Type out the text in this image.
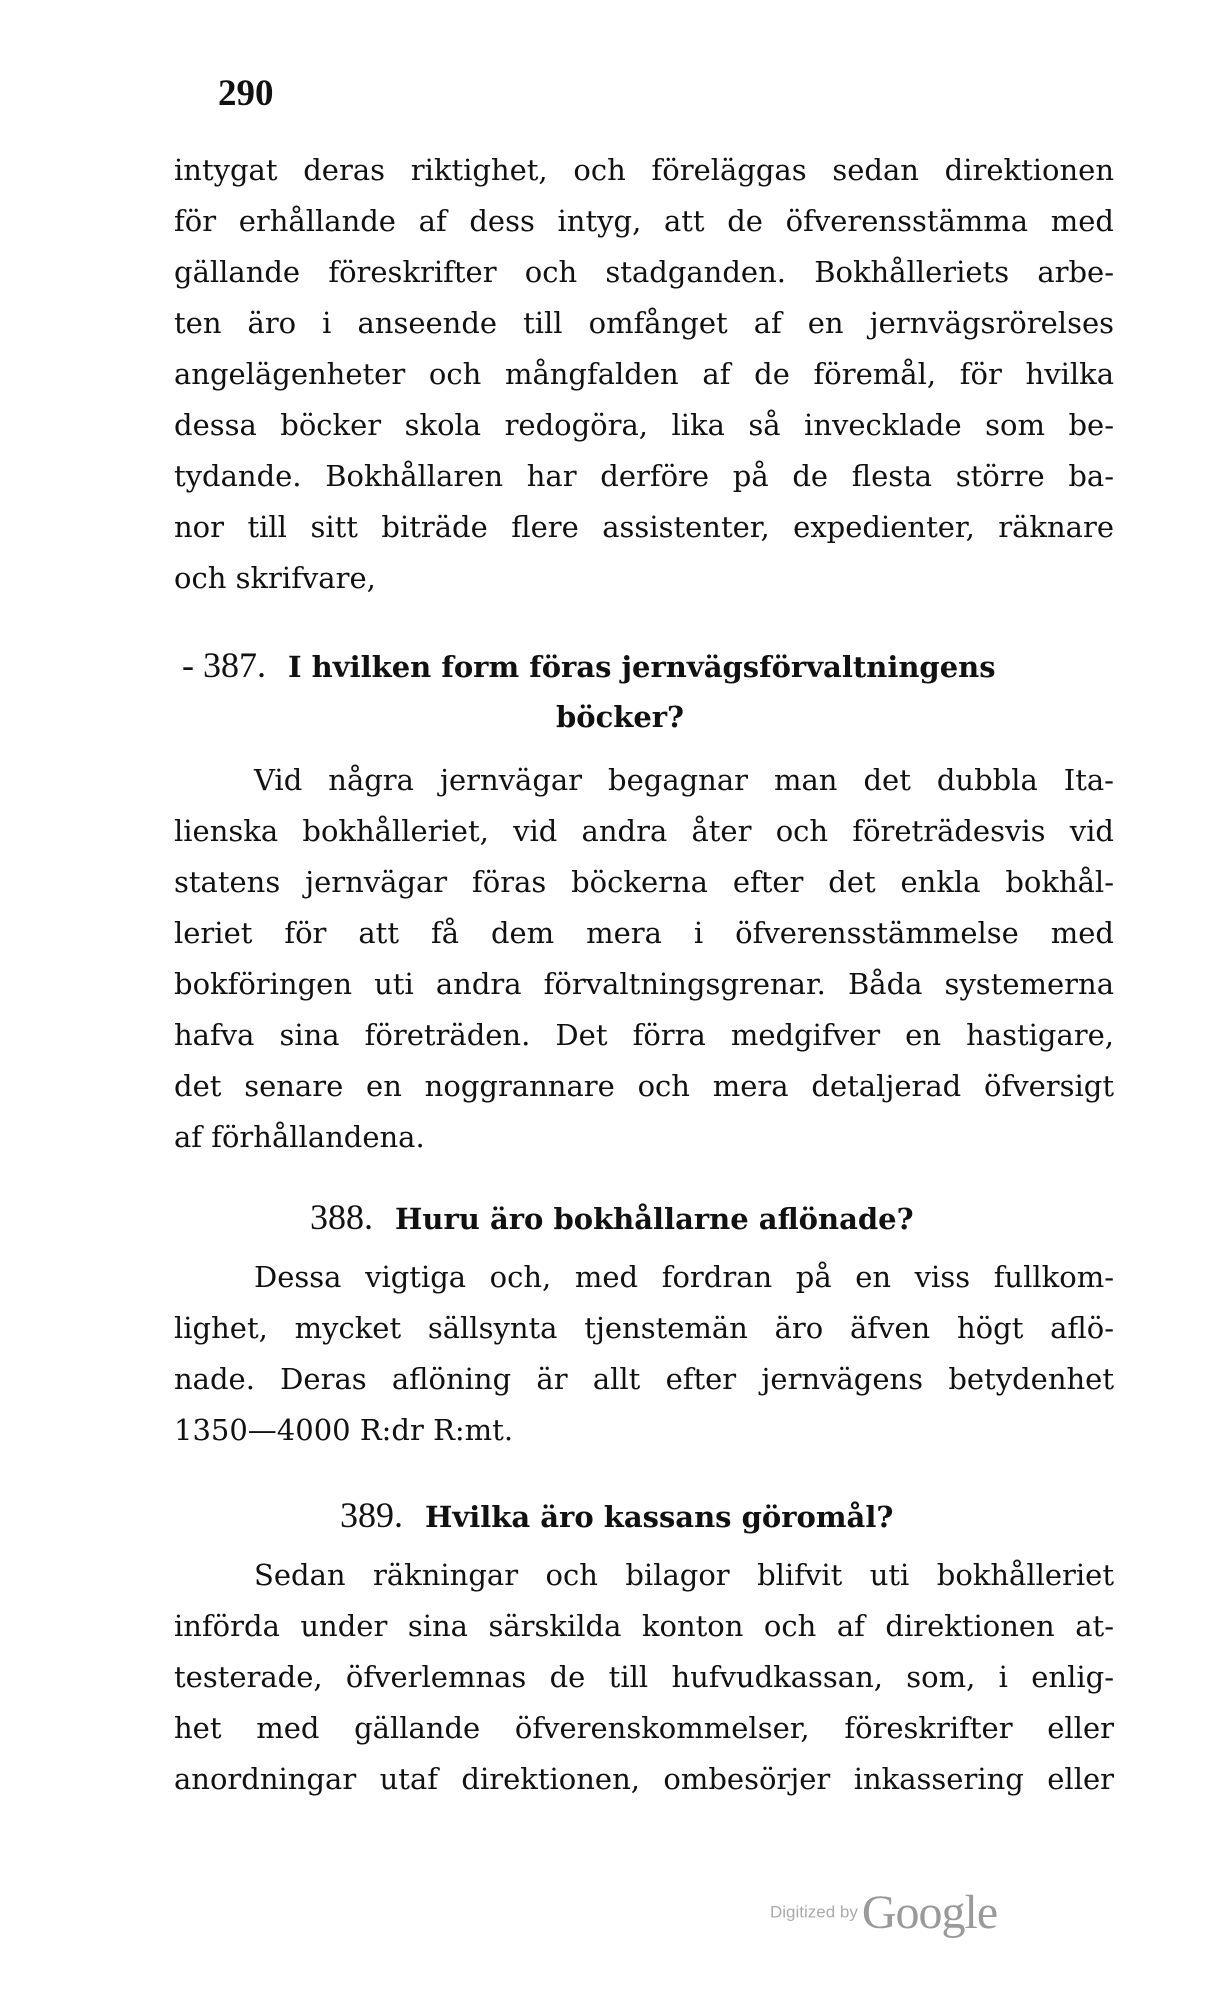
290
intygat deras riktighet, och föreläggas sedan direktionen
för erhållande af dess intyg, att de öfverensstämma med
gällande föreskrifter och stadganden. Bokhålleriets arbe-
ten äro i anseende till omfånget af en jernvägsrörelses
angelägenheter och mångfalden af de föremål, för hvilka
dessa böcker skola redogöra, lika så invecklade som be-
tydande. Bokhållaren har derföre på de flesta större ba-
nor till sitt biträde flere assistenter, expedienter, räknare
och skrifvare,
- 387. I hvilken form föras jernvägsförvaltningens
böcker?
Vid några jernvägar begagnar man det dubbla Ita-
lienska bokhålleriet, vid andra åter och företrädesvis vid
statens jernvägar föras böckerna efter det enkla bokhål-
leriet för att få dem mera i öfverensstämmelse med
bokföringen uti andra förvaltningsgrenar. Båda systemerna
hafva sina företräden. Det förra medgifver en hastigare,
det senare en noggrannare och mera detaljerad öfversigt
af förhållandena.
388. Huru äro bokhållarne aflönade?
Dessa vigtiga och, med fordran på en viss fullkom-
lighet, mycket sällsynta tjenstemän äro äfven högt aflö-
nade. Deras aflöning är allt efter jernvägens betydenhet
1350—4000 R:dr R:mt.
389. Hvilka äro kassans göromål?
Sedan räkningar och bilagor blifvit uti bokhålleriet
införda under sina särskilda konton och af direktionen at-
testerade, öfverlemnas de till hufvudkassan, som, i enlig-
het med gällande öfverenskommelser, föreskrifter eller
anordningar utaf direktionen, ombesörjer inkassering eller
Digitized by Google
